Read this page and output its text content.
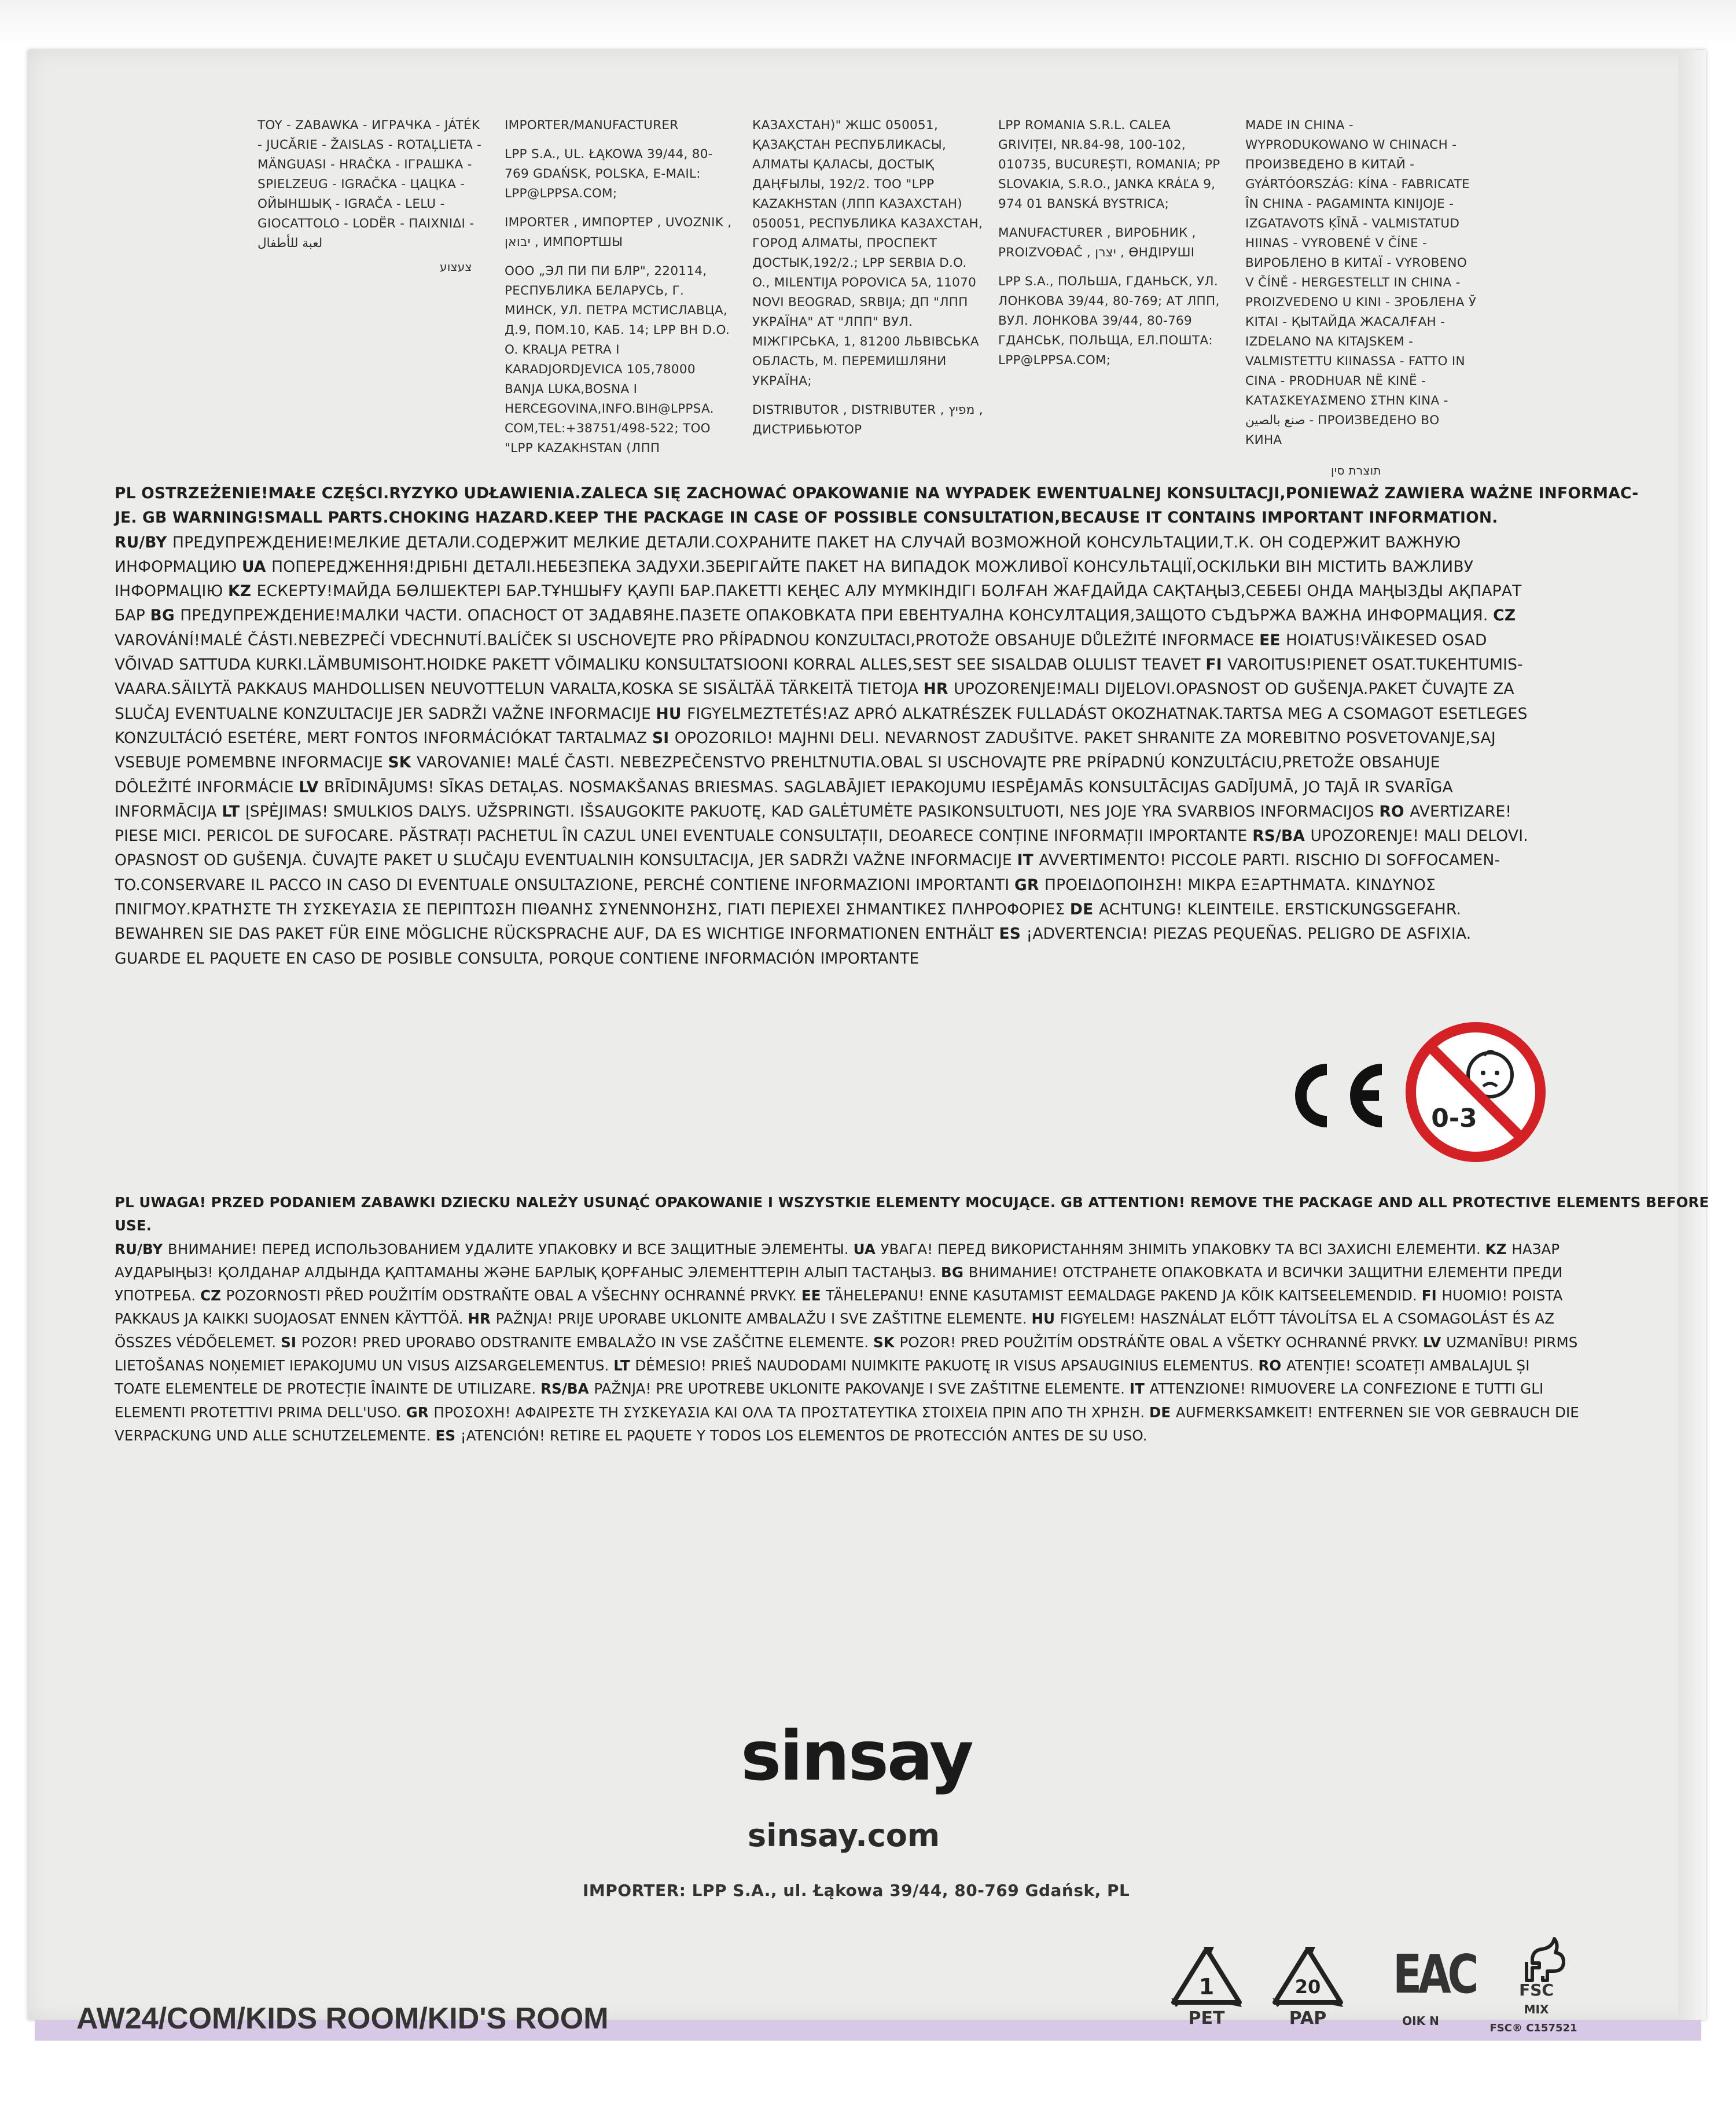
TOY - ZABAWKA - ИГРАЧКА - JÁTÉK
- JUCĂRIE - ŽAISLAS - ROTAĻLIETA -
MÄNGUASI - HRAČKA - ІГРАШКА -
SPIELZEUG - IGRAČKA - ЦАЦКА -
ОЙЫНШЫҚ - IGRAČA - LELU -
GIOCATTOLO - LODËR - ΠΑΙΧΝΙΔΙ -
لعبة للأطفال
צעצוע
IMPORTER/MANUFACTURER
LPP S.A., UL. ŁĄKOWA 39/44, 80-
769 GDAŃSK, POLSKA, E-MAIL:
LPP@LPPSA.COM;
IMPORTER , ИМПОРТЕР , UVOZNIK ,
יבואן , ИМПОРТШЫ
ООО „ЭЛ ПИ ПИ БЛР", 220114,
РЕСПУБЛИКА БЕЛАРУСЬ, Г.
МИНСК, УЛ. ПЕТРА МСТИСЛАВЦА,
Д.9, ПОМ.10, КАБ. 14; LPP BH D.O.
O. KRALJA PETRA I
KARADJORDJEVICA 105,78000
BANJA LUKA,BOSNA I
HERCEGOVINA,INFO.BIH@LPPSA.
COM,TEL:+38751/498-522; ТОО
"LPP KAZAKHSTAN (ЛПП
КАЗАХСТАН)" ЖШС 050051,
ҚАЗАҚСТАН РЕСПУБЛИКАСЫ,
АЛМАТЫ ҚАЛАСЫ, ДОСТЫҚ
ДАҢҒЫЛЫ, 192/2. ТОО "LPP
KAZAKHSTAN (ЛПП КАЗАХСТАН)
050051, РЕСПУБЛИКА КАЗАХСТАН,
ГОРОД АЛМАТЫ, ПРОСПЕКТ
ДОСТЫК,192/2.; LPP SERBIA D.O.
O., MILENTIJA POPOVICA 5A, 11070
NOVI BEOGRAD, SRBIJA; ДП "ЛПП
УКРАЇНА" АТ "ЛПП" ВУЛ.
МІЖГІРСЬКА, 1, 81200 ЛЬВІВСЬКА
ОБЛАСТЬ, М. ПЕРЕМИШЛЯНИ
УКРАЇНА;
DISTRIBUTOR , DISTRIBUTER , מפיץ ,
ДИСТРИБЬЮТОР
LPP ROMANIA S.R.L. CALEA
GRIVIȚEI, NR.84-98, 100-102,
010735, BUCUREȘTI, ROMANIA; PP
SLOVAKIA, S.R.O., JANKA KRÁĽA 9,
974 01 BANSKÁ BYSTRICA;
MANUFACTURER , ВИРОБНИК ,
PROIZVOĐAČ , יצרן , ӨНДІРУШІ
LPP S.A., ПОЛЬША, ГДАНЬСК, УЛ.
ЛОНКОВА 39/44, 80-769; АТ ЛПП,
ВУЛ. ЛОНКОВА 39/44, 80-769
ГДАНСЬК, ПОЛЬЩА, ЕЛ.ПОШТА:
LPP@LPPSA.COM;
MADE IN CHINA -
WYPRODUKOWANO W CHINACH -
ПРОИЗВЕДЕНО В КИТАЙ -
GYÁRTÓORSZÁG: KÍNA - FABRICATE
ÎN CHINA - PAGAMINTA KINIJOJE -
IZGATAVOTS ĶĪNĀ - VALMISTATUD
HIINAS - VYROBENÉ V ČÍNE -
ВИРОБЛЕНО В КИТАЇ - VYROBENO
V ČÍNĚ - HERGESTELLT IN CHINA -
PROIZVEDENO U KINI - ЗРОБЛЕНА Ў
КІТАІ - ҚЫТАЙДА ЖАСАЛҒАН -
IZDELANO NA KITAJSKEM -
VALMISTETTU KIINASSA - FATTO IN
CINA - PRODHUAR NË KINË -
ΚΑΤΑΣΚΕΥΑΣΜΕΝΟ ΣΤΗΝ ΚΙΝΑ -
صنع بالصين - ПРОИЗВЕДЕНО ВО
КИНА
תוצרת סין
PL OSTRZEŻENIE!MAŁE CZĘŚCI.RYZYKO UDŁAWIENIA.ZALECA SIĘ ZACHOWAĆ OPAKOWANIE NA WYPADEK EWENTUALNEJ KONSULTACJI,PONIEWAŻ ZAWIERA WAŻNE INFORMAC-
JE. GB WARNING!SMALL PARTS.CHOKING HAZARD.KEEP THE PACKAGE IN CASE OF POSSIBLE CONSULTATION,BECAUSE IT CONTAINS IMPORTANT INFORMATION.
RU/BY ПРЕДУПРЕЖДЕНИЕ!МЕЛКИЕ ДЕТАЛИ.СОДЕРЖИТ МЕЛКИЕ ДЕТАЛИ.СОХРАНИТЕ ПАКЕТ НА СЛУЧАЙ ВОЗМОЖНОЙ КОНСУЛЬТАЦИИ,Т.К. ОН СОДЕРЖИТ ВАЖНУЮ
ИНФОРМАЦИЮ UA ПОПЕРЕДЖЕННЯ!ДРІБНІ ДЕТАЛІ.НЕБЕЗПЕКА ЗАДУХИ.ЗБЕРІГАЙТЕ ПАКЕТ НА ВИПАДОК МОЖЛИВОЇ КОНСУЛЬТАЦІЇ,ОСКІЛЬКИ ВІН МІСТИТЬ ВАЖЛИВУ
ІНФОРМАЦІЮ KZ ЕСКЕРТУ!МАЙДА БӨЛШЕКТЕРІ БАР.ТҰНШЫҒУ ҚАУПІ БАР.ПАКЕТТІ КЕҢЕС АЛУ МҮМКІНДІГІ БОЛҒАН ЖАҒДАЙДА САҚТАҢЫЗ,СЕБЕБІ ОНДА МАҢЫЗДЫ АҚПАРАТ
БАР BG ПРЕДУПРЕЖДЕНИЕ!МАЛКИ ЧАСТИ. ОПАСНОСТ ОТ ЗАДАВЯНЕ.ПАЗЕТЕ ОПАКОВКАТА ПРИ ЕВЕНТУАЛНА КОНСУЛТАЦИЯ,ЗАЩОТО СЪДЪРЖА ВАЖНА ИНФОРМАЦИЯ. CZ
VAROVÁNÍ!MALÉ ČÁSTI.NEBEZPEČÍ VDECHNUTÍ.BALÍČEK SI USCHOVEJTE PRO PŘÍPADNOU KONZULTACI,PROTOŽE OBSAHUJE DŮLEŽITÉ INFORMACE EE HOIATUS!VÄIKESED OSAD
VÕIVAD SATTUDA KURKI.LÄMBUMISOHT.HOIDKE PAKETT VÕIMALIKU KONSULTATSIOONI KORRAL ALLES,SEST SEE SISALDAB OLULIST TEAVET FI VAROITUS!PIENET OSAT.TUKEHTUMIS-
VAARA.SÄILYTÄ PAKKAUS MAHDOLLISEN NEUVOTTELUN VARALTA,KOSKA SE SISÄLTÄÄ TÄRKEITÄ TIETOJA HR UPOZORENJE!MALI DIJELOVI.OPASNOST OD GUŠENJA.PAKET ČUVAJTE ZA
SLUČAJ EVENTUALNE KONZULTACIJE JER SADRŽI VAŽNE INFORMACIJE HU FIGYELMEZTETÉS!AZ APRÓ ALKATRÉSZEK FULLADÁST OKOZHATNAK.TARTSA MEG A CSOMAGOT ESETLEGES
KONZULTÁCIÓ ESETÉRE, MERT FONTOS INFORMÁCIÓKAT TARTALMAZ SI OPOZORILO! MAJHNI DELI. NEVARNOST ZADUŠITVE. PAKET SHRANITE ZA MOREBITNO POSVETOVANJE,SAJ
VSEBUJE POMEMBNE INFORMACIJE SK VAROVANIE! MALÉ ČASTI. NEBEZPEČENSTVO PREHLTNUTIA.OBAL SI USCHOVAJTE PRE PRÍPADNÚ KONZULTÁCIU,PRETOŽE OBSAHUJE
DÔLEŽITÉ INFORMÁCIE LV BRĪDINĀJUMS! SĪKAS DETAĻAS. NOSMAKŠANAS BRIESMAS. SAGLABĀJIET IEPAKOJUMU IESPĒJAMĀS KONSULTĀCIJAS GADĪJUMĀ, JO TAJĀ IR SVARĪGA
INFORMĀCIJA LT ĮSPĖJIMAS! SMULKIOS DALYS. UŽSPRINGTI. IŠSAUGOKITE PAKUOTĘ, KAD GALĖTUMĖTE PASIKONSULTUOTI, NES JOJE YRA SVARBIOS INFORMACIJOS RO AVERTIZARE!
PIESE MICI. PERICOL DE SUFOCARE. PĂSTRAȚI PACHETUL ÎN CAZUL UNEI EVENTUALE CONSULTAȚII, DEOARECE CONȚINE INFORMAȚII IMPORTANTE RS/BA UPOZORENJE! MALI DELOVI.
OPASNOST OD GUŠENJA. ČUVAJTE PAKET U SLUČAJU EVENTUALNIH KONSULTACIJA, JER SADRŽI VAŽNE INFORMACIJE IT AVVERTIMENTO! PICCOLE PARTI. RISCHIO DI SOFFOCAMEN-
TO.CONSERVARE IL PACCO IN CASO DI EVENTUALE ONSULTAZIONE, PERCHÉ CONTIENE INFORMAZIONI IMPORTANTI GR ΠΡΟΕΙΔΟΠΟΙΗΣΗ! ΜΙΚΡΑ ΕΞΑΡΤΗΜΑΤΑ. ΚΙΝΔΥΝΟΣ
ΠΝΙΓΜΟΥ.ΚΡΑΤΗΣΤΕ ΤΗ ΣΥΣΚΕΥΑΣΙΑ ΣΕ ΠΕΡΙΠΤΩΣΗ ΠΙΘΑΝΗΣ ΣΥΝΕΝΝΟΗΣΗΣ, ΓΙΑΤΙ ΠΕΡΙΕΧΕΙ ΣΗΜΑΝΤΙΚΕΣ ΠΛΗΡΟΦΟΡΙΕΣ DE ACHTUNG! KLEINTEILE. ERSTICKUNGSGEFAHR.
BEWAHREN SIE DAS PAKET FÜR EINE MÖGLICHE RÜCKSPRACHE AUF, DA ES WICHTIGE INFORMATIONEN ENTHÄLT ES ¡ADVERTENCIA! PIEZAS PEQUEÑAS. PELIGRO DE ASFIXIA.
GUARDE EL PAQUETE EN CASO DE POSIBLE CONSULTA, PORQUE CONTIENE INFORMACIÓN IMPORTANTE
0-3
PL UWAGA! PRZED PODANIEM ZABAWKI DZIECKU NALEŻY USUNĄĆ OPAKOWANIE I WSZYSTKIE ELEMENTY MOCUJĄCE. GB ATTENTION! REMOVE THE PACKAGE AND ALL PROTECTIVE ELEMENTS BEFORE
USE.
RU/BY ВНИМАНИЕ! ПЕРЕД ИСПОЛЬЗОВАНИЕМ УДАЛИТЕ УПАКОВКУ И ВСЕ ЗАЩИТНЫЕ ЭЛЕМЕНТЫ. UA УВАГА! ПЕРЕД ВИКОРИСТАННЯМ ЗНІМІТЬ УПАКОВКУ ТА ВСІ ЗАХИСНІ ЕЛЕМЕНТИ. KZ НАЗАР
АУДАРЫҢЫЗ! ҚОЛДАНАР АЛДЫНДА ҚАПТАМАНЫ ЖӘНЕ БАРЛЫҚ ҚОРҒАНЫС ЭЛЕМЕНТТЕРІН АЛЫП ТАСТАҢЫЗ. BG ВНИМАНИЕ! ОТСТРАНЕТЕ ОПАКОВКАТА И ВСИЧКИ ЗАЩИТНИ ЕЛЕМЕНТИ ПРЕДИ
УПОТРЕБА. CZ POZORNOSTI PŘED POUŽITÍM ODSTRAŇTE OBAL A VŠECHNY OCHRANNÉ PRVKY. EE TÄHELEPANU! ENNE KASUTAMIST EEMALDAGE PAKEND JA KÕIK KAITSEELEMENDID. FI HUOMIO! POISTA
PAKKAUS JA KAIKKI SUOJAOSAT ENNEN KÄYTTÖÄ. HR PAŽNJA! PRIJE UPORABE UKLONITE AMBALAŽU I SVE ZAŠTITNE ELEMENTE. HU FIGYELEM! HASZNÁLAT ELŐTT TÁVOLÍTSA EL A CSOMAGOLÁST ÉS AZ
ÖSSZES VÉDŐELEMET. SI POZOR! PRED UPORABO ODSTRANITE EMBALAŽO IN VSE ZAŠČITNE ELEMENTE. SK POZOR! PRED POUŽITÍM ODSTRÁŇTE OBAL A VŠETKY OCHRANNÉ PRVKY. LV UZMANĪBU! PIRMS
LIETOŠANAS NOŅEMIET IEPAKOJUMU UN VISUS AIZSARGELEMENTUS. LT DĖMESIO! PRIEŠ NAUDODAMI NUIMKITE PAKUOTĘ IR VISUS APSAUGINIUS ELEMENTUS. RO ATENȚIE! SCOATEȚI AMBALAJUL ȘI
TOATE ELEMENTELE DE PROTECȚIE ÎNAINTE DE UTILIZARE. RS/BA PAŽNJA! PRE UPOTREBE UKLONITE PAKOVANJE I SVE ZAŠTITNE ELEMENTE. IT ATTENZIONE! RIMUOVERE LA CONFEZIONE E TUTTI GLI
ELEMENTI PROTETTIVI PRIMA DELL'USO. GR ΠΡΟΣΟΧΗ! ΑΦΑΙΡΕΣΤΕ ΤΗ ΣΥΣΚΕΥΑΣΙΑ ΚΑΙ ΟΛΑ ΤΑ ΠΡΟΣΤΑΤΕΥΤΙΚΑ ΣΤΟΙΧΕΙΑ ΠΡΙΝ ΑΠΟ ΤΗ ΧΡΗΣΗ. DE AUFMERKSAMKEIT! ENTFERNEN SIE VOR GEBRAUCH DIE
VERPACKUNG UND ALLE SCHUTZELEMENTE. ES ¡ATENCIÓN! RETIRE EL PAQUETE Y TODOS LOS ELEMENTOS DE PROTECCIÓN ANTES DE SU USO.
sinsay
sinsay.com
IMPORTER: LPP S.A., ul. Łąkowa 39/44, 80-769 Gdańsk, PL
AW24/COM/KIDS ROOM/KID'S ROOM
1
PET
20
PAP
EAC
OIK N
FSC
MIX
FSC® C157521
